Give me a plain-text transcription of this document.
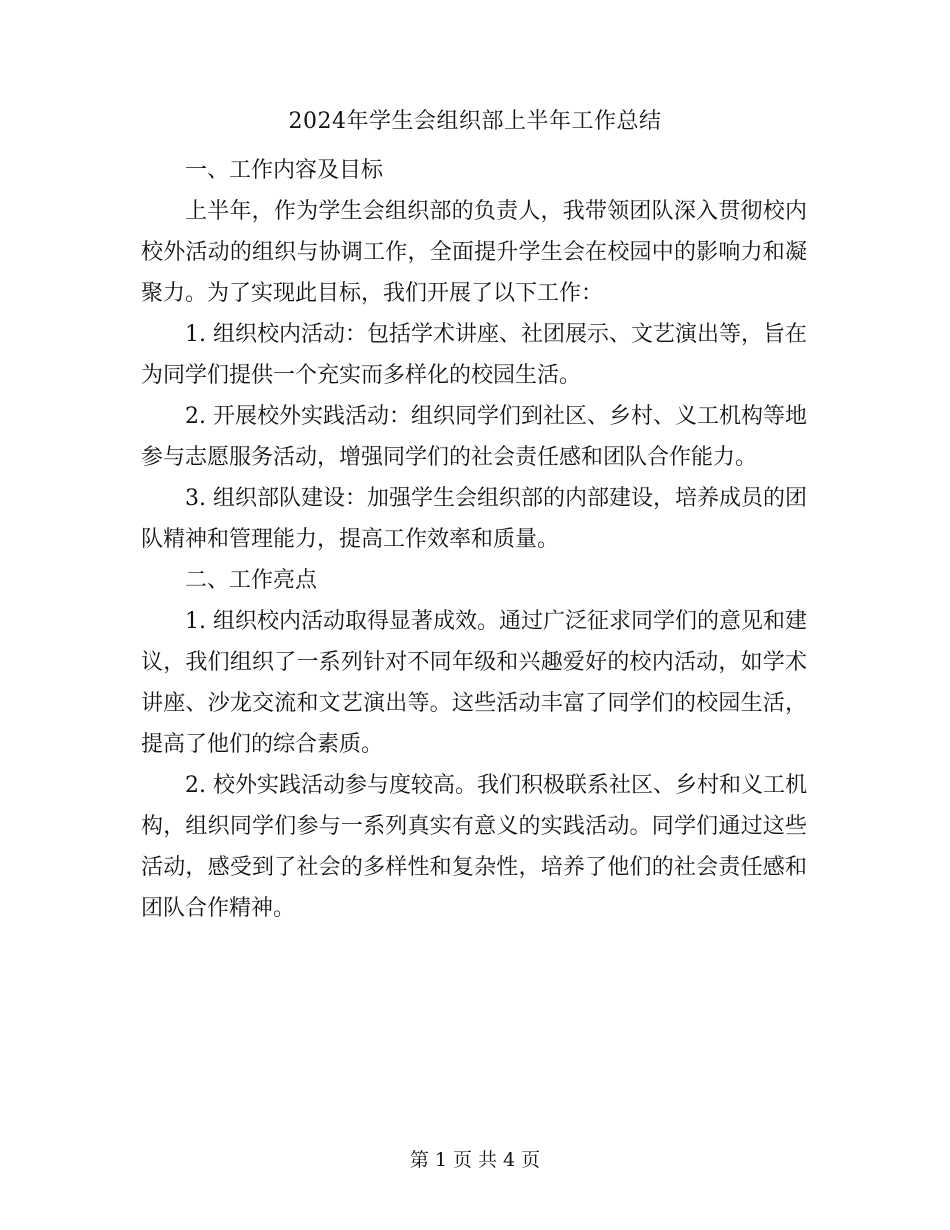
2024年学生会组织部上半年工作总结

一、工作内容及目标

上半年，作为学生会组织部的负责人，我带领团队深入贯彻校内校外活动的组织与协调工作，全面提升学生会在校园中的影响力和凝聚力。为了实现此目标，我们开展了以下工作：

1. 组织校内活动：包括学术讲座、社团展示、文艺演出等，旨在为同学们提供一个充实而多样化的校园生活。

2. 开展校外实践活动：组织同学们到社区、乡村、义工机构等地参与志愿服务活动，增强同学们的社会责任感和团队合作能力。

3. 组织部队建设：加强学生会组织部的内部建设，培养成员的团队精神和管理能力，提高工作效率和质量。

二、工作亮点

1. 组织校内活动取得显著成效。通过广泛征求同学们的意见和建议，我们组织了一系列针对不同年级和兴趣爱好的校内活动，如学术讲座、沙龙交流和文艺演出等。这些活动丰富了同学们的校园生活，提高了他们的综合素质。

2. 校外实践活动参与度较高。我们积极联系社区、乡村和义工机构，组织同学们参与一系列真实有意义的实践活动。同学们通过这些活动，感受到了社会的多样性和复杂性，培养了他们的社会责任感和团队合作精神。

第 1 页 共 4 页
